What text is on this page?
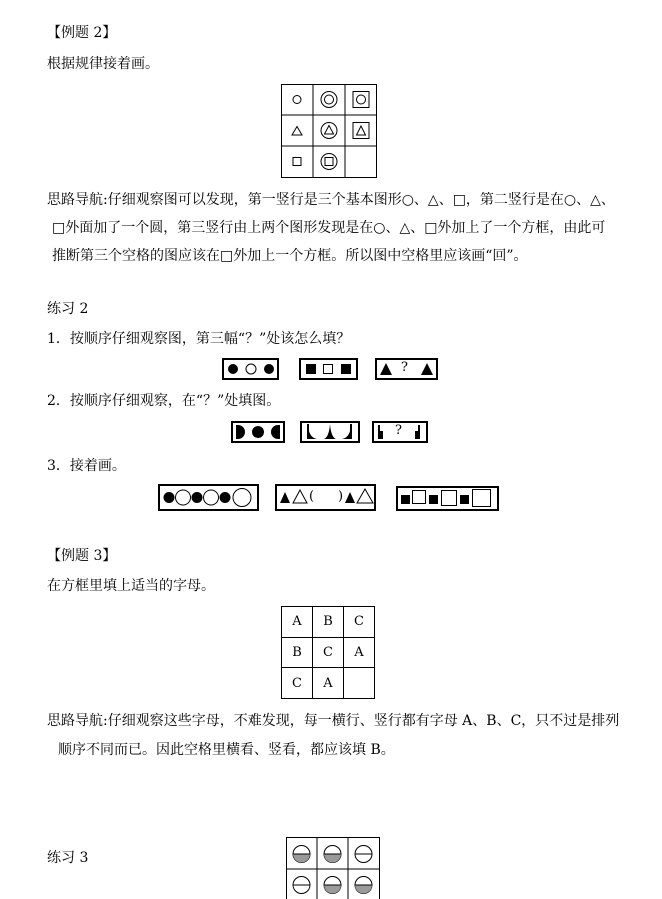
【例题 2】
根据规律接着画。
思路导航:仔细观察图可以发现，第一竖行是三个基本图形○、△、□，第二竖行是在○、△、
□外面加了一个圆，第三竖行由上两个图形发现是在○、△、□外加上了一个方框，由此可
推断第三个空格的图应该在□外加上一个方框。所以图中空格里应该画“回”。
练习 2
1．按顺序仔细观察图，第三幅“？”处该怎么填？
?
2．按顺序仔细观察，在“？”处填图。
?
3．接着画。
( )
【例题 3】
在方框里填上适当的字母。
A	B	C
B	C	A
C	A	
思路导航:仔细观察这些字母，不难发现，每一横行、竖行都有字母 A、B、C，只不过是排列
顺序不同而已。因此空格里横看、竖看，都应该填 B。
练习 3
